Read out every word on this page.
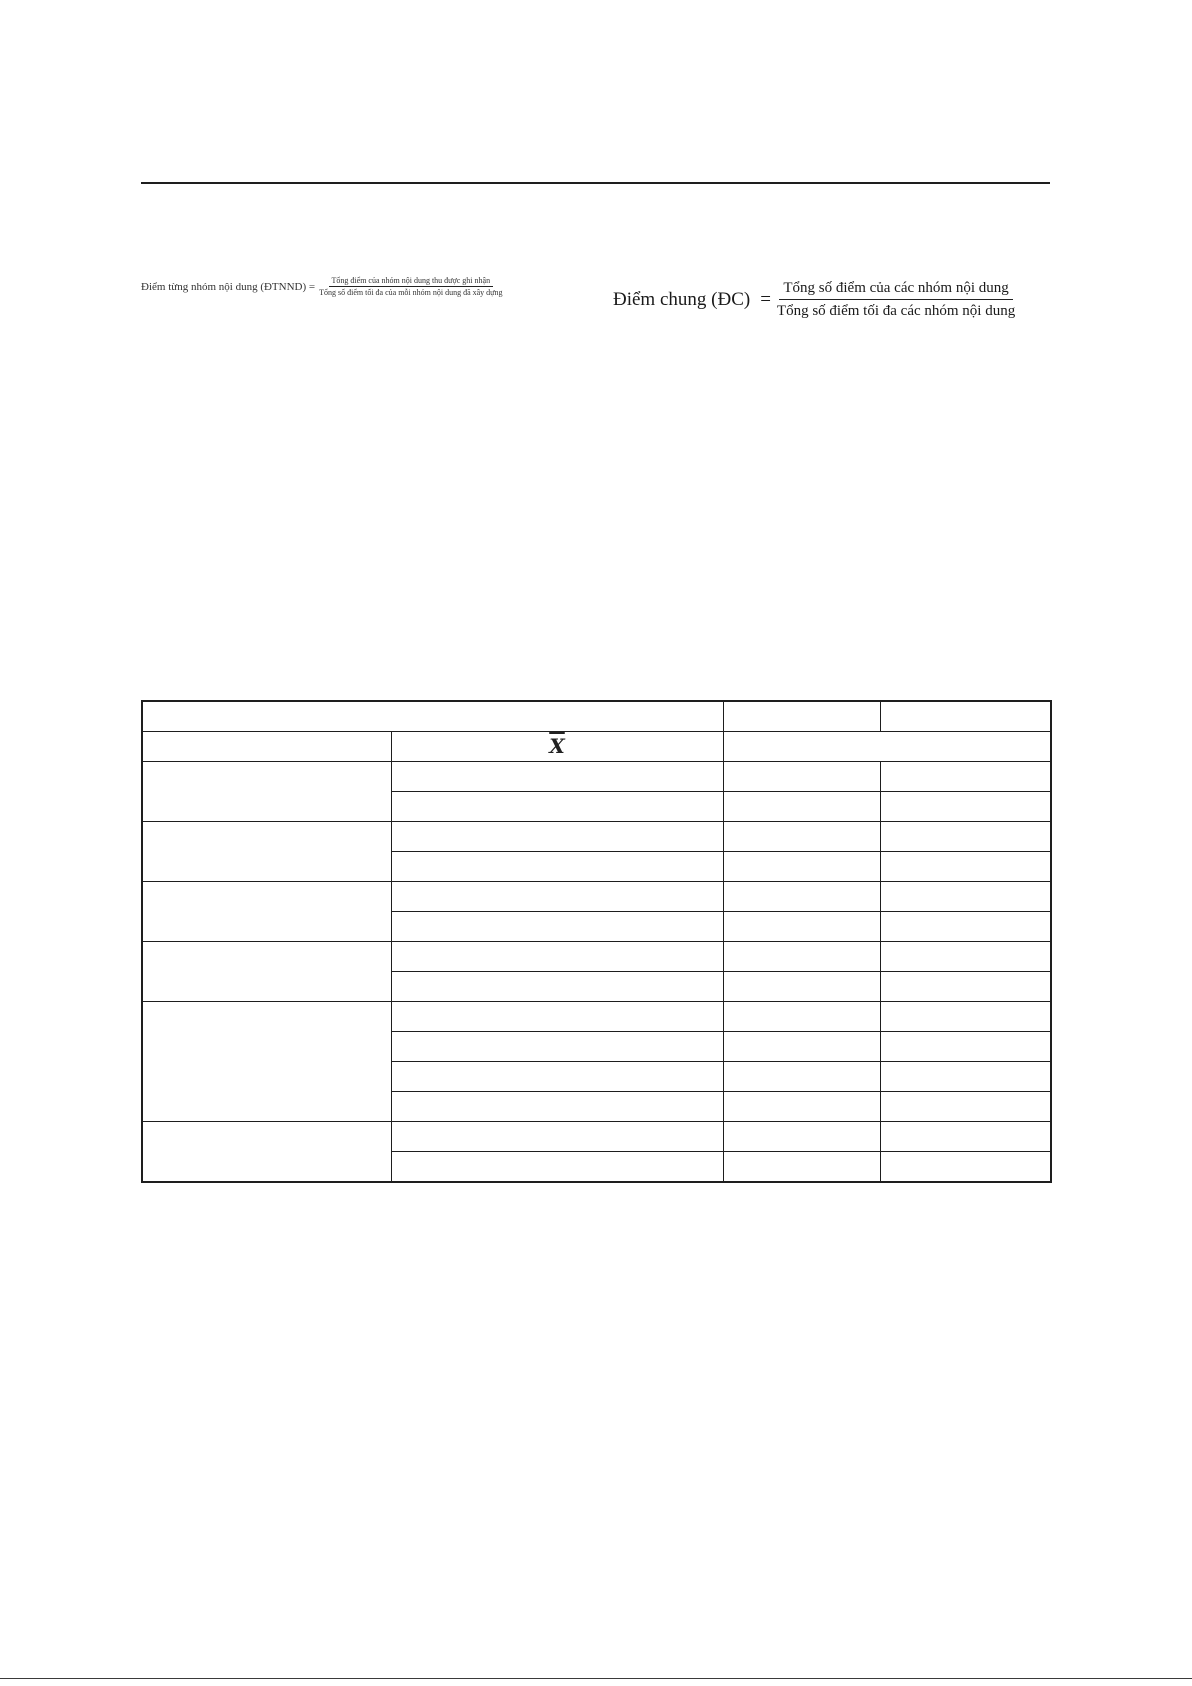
Điểm từng nhóm nội dung (ĐTNND) = $\frac{\text{Tổng điểm của nhóm nội dung thu được ghi nhận}}{\text{Tổng số điểm tối đa của mỗi nhóm nội dung đã xây dựng}}$
Điểm chung (ĐC) = $\frac{\text{Tổng số điểm của các nhóm nội dung}}{\text{Tổng số điểm tối đa các nhóm nội dung}}$

	$\overline{X}$	
